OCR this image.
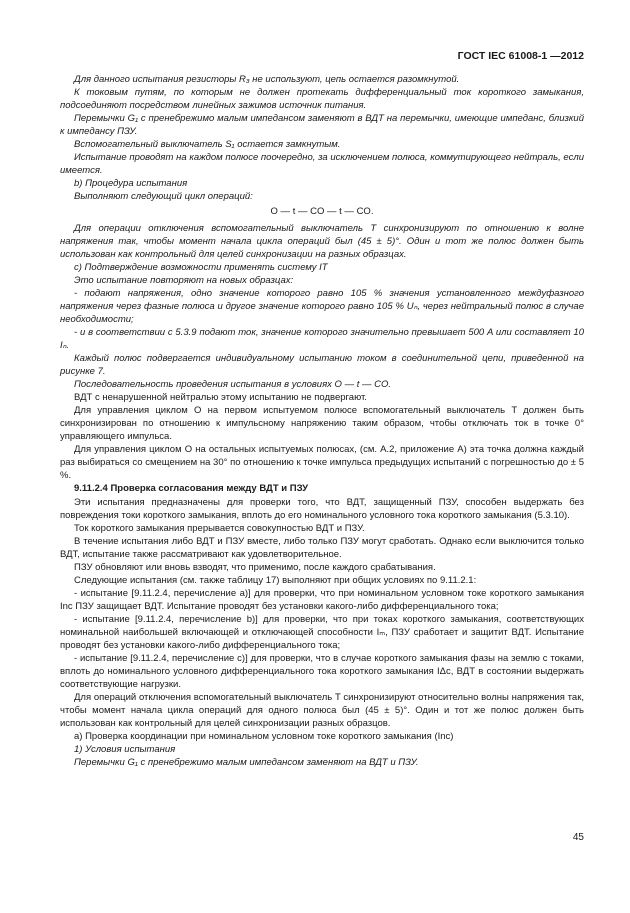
ГОСТ IEC 61008-1 —2012

Для данного испытания резисторы R₃ не используют, цепь остается разомкнутой.

К токовым путям, по которым не должен протекать дифференциальный ток короткого замыкания, подсоединяют посредством линейных зажимов источник питания.

Перемычки G₁ с пренебрежимо малым импедансом заменяют в ВДТ на перемычки, имеющие импеданс, близкий к импедансу ПЗУ.

Вспомогательный выключатель S₁ остается замкнутым.

Испытание проводят на каждом полюсе поочередно, за исключением полюса, коммутирующего нейтраль, если имеется.

b) Процедура испытания

Выполняют следующий цикл операций:

O — t — CO — t — CO.

Для операции отключения вспомогательный выключатель T синхронизируют по отношению к волне напряжения так, чтобы момент начала цикла операций был (45 ± 5)°. Один и тот же полюс должен быть использован как контрольный для целей синхронизации на разных образцах.

c) Подтверждение возможности применять систему IT

Это испытание повторяют на новых образцах:

- подают напряжения, одно значение которого равно 105 % значения установленного междуфазного напряжения через фазные полюса и другое значение которого равно 105 % Uₙ, через нейтральный полюс в случае необходимости;

- и в соответствии с 5.3.9 подают ток, значение которого значительно превышает 500 A или составляет 10 Iₙ.

Каждый полюс подвергается индивидуальному испытанию током в соединительной цепи, приведенной на рисунке 7.

Последовательность проведения испытания в условиях O — t — CO.

ВДТ с ненарушенной нейтралью этому испытанию не подвергают.

Для управления циклом O на первом испытуемом полюсе вспомогательный выключатель T должен быть синхронизирован по отношению к импульсному напряжению таким образом, чтобы отключать ток в точке 0° управляющего импульса.

Для управления циклом O на остальных испытуемых полюсах, (см. A.2, приложение A) эта точка должна каждый раз выбираться со смещением на 30° по отношению к точке импульса предыдущих испытаний с погрешностью до ± 5 %.

9.11.2.4 Проверка согласования между ВДТ и ПЗУ

Эти испытания предназначены для проверки того, что ВДТ, защищенный ПЗУ, способен выдержать без повреждения токи короткого замыкания, вплоть до его номинального условного тока короткого замыкания (5.3.10).

Ток короткого замыкания прерывается совокупностью ВДТ и ПЗУ.

В течение испытания либо ВДТ и ПЗУ вместе, либо только ПЗУ могут сработать. Однако если выключится только ВДТ, испытание также рассматривают как удовлетворительное.

ПЗУ обновляют или вновь взводят, что применимо, после каждого срабатывания.

Следующие испытания (см. также таблицу 17) выполняют при общих условиях по 9.11.2.1:

- испытание [9.11.2.4, перечисление a)] для проверки, что при номинальном условном токе короткого замыкания Inc ПЗУ защищает ВДТ. Испытание проводят без установки какого-либо дифференциального тока;

- испытание [9.11.2.4, перечисление b)] для проверки, что при токах короткого замыкания, соответствующих номинальной наибольшей включающей и отключающей способности Iₘ, ПЗУ сработает и защитит ВДТ. Испытание проводят без установки какого-либо дифференциального тока;

- испытание [9.11.2.4, перечисление c)] для проверки, что в случае короткого замыкания фазы на землю с токами, вплоть до номинального условного дифференциального тока короткого замыкания IΔc, ВДТ в состоянии выдержать соответствующие нагрузки.

Для операций отключения вспомогательный выключатель T синхронизируют относительно волны напряжения так, чтобы момент начала цикла операций для одного полюса был (45 ± 5)°. Один и тот же полюс должен быть использован как контрольный для целей синхронизации разных образцов.

a) Проверка координации при номинальном условном токе короткого замыкания (Inc)

1) Условия испытания

Перемычки G₁ с пренебрежимо малым импедансом заменяют на ВДТ и ПЗУ.

45
